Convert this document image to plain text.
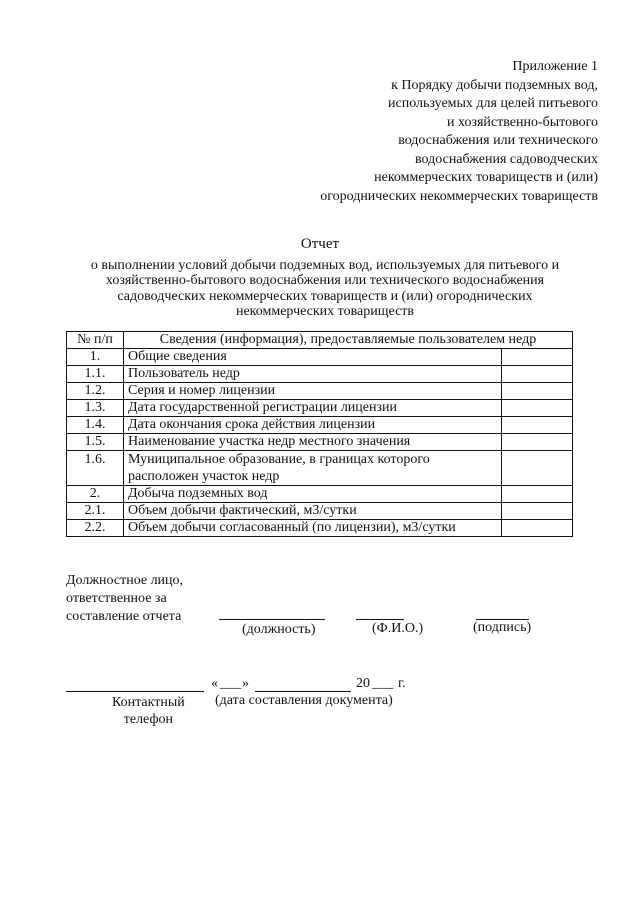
Приложение 1
к Порядку добычи подземных вод,
используемых для целей питьевого
и хозяйственно-бытового
водоснабжения или технического
водоснабжения садоводческих
некоммерческих товариществ и (или)
огороднических некоммерческих товариществ
Отчет
о выполнении условий добычи подземных вод, используемых для питьевого и
хозяйственно-бытового водоснабжения или технического водоснабжения
садоводческих некоммерческих товариществ и (или) огороднических
некоммерческих товариществ
№ п/п	Сведения (информация), предоставляемые пользователем недр	
1.	Общие сведения	
1.1.	Пользователь недр	
1.2.	Серия и номер лицензии	
1.3.	Дата государственной регистрации лицензии	
1.4.	Дата окончания срока действия лицензии	
1.5.	Наименование участка недр местного значения	
1.6.	Муниципальное образование, в границах которого расположен участок недр	
2.	Добыча подземных вод	
2.1.	Объем добычи фактический, м3/сутки	
2.2.	Объем добычи согласованный (по лицензии), м3/сутки	
Должностное лицо,
ответственное за
составление отчета
(должность)	(Ф.И.О.)	(подпись)
« ___ »	20 ___ г.
Контактный
телефон
(дата составления документа)
